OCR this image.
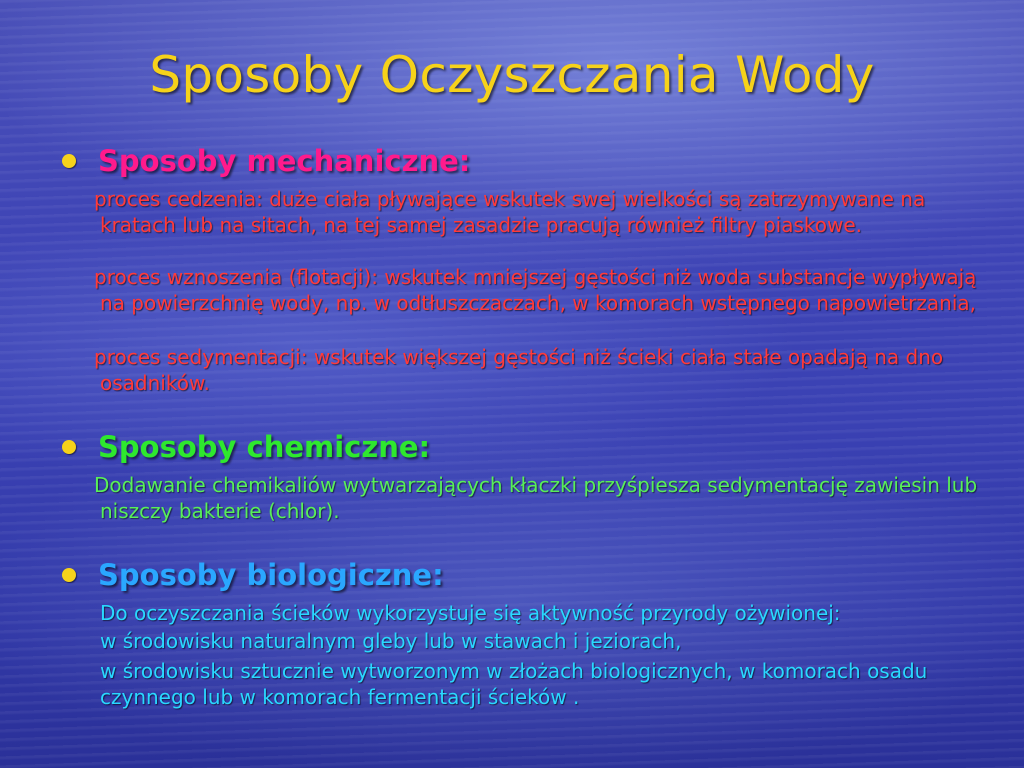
Sposoby Oczyszczania Wody
Sposoby mechaniczne:
proces cedzenia: duże ciała pływające wskutek swej wielkości są zatrzymywane na kratach lub na sitach, na tej samej zasadzie pracują również filtry piaskowe.
proces wznoszenia (flotacji): wskutek mniejszej gęstości niż woda substancje wypływają na powierzchnię wody, np. w odtłuszczaczach, w komorach wstępnego napowietrzania,
proces sedymentacji: wskutek większej gęstości niż ścieki ciała stałe opadają na dno osadników.
Sposoby chemiczne:
Dodawanie chemikaliów wytwarzających kłaczki przyśpiesza sedymentację zawiesin lub niszczy bakterie (chlor).
Sposoby biologiczne:
Do oczyszczania ścieków wykorzystuje się aktywność przyrody ożywionej:
w środowisku naturalnym gleby lub w stawach i jeziorach,
w środowisku sztucznie wytworzonym w złożach biologicznych, w komorach osadu czynnego lub w komorach fermentacji ścieków .
